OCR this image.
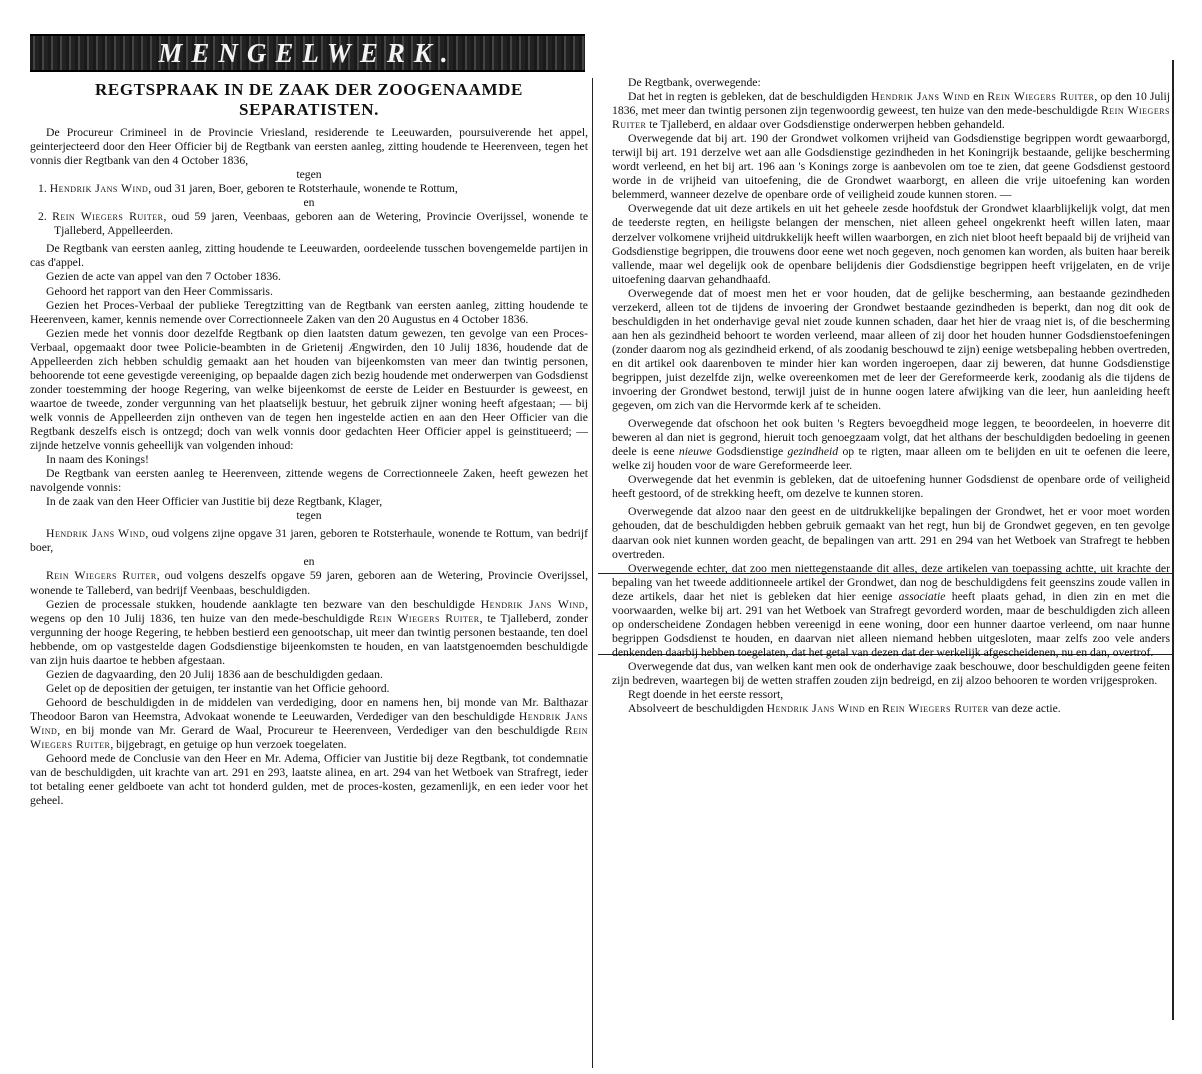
MENGELWERK.
REGTSPRAAK IN DE ZAAK DER ZOOGENAAMDE
SEPARATISTEN.

De Procureur Crimineel in de Provincie Vriesland, residerende te Leeuwarden, poursuiverende het appel, geinterjecteerd door den Heer Officier bij de Regtbank van eersten aanleg, zitting houdende te Heerenveen, tegen het vonnis dier Regtbank van den 4 October 1836,

tegen

1. Hendrik Jans Wind, oud 31 jaren, Boer, geboren te Rotsterhaule, wonende te Rottum,

en

2. Rein Wiegers Ruiter, oud 59 jaren, Veenbaas, geboren aan de Wetering, Provincie Overijssel, wonende te Tjalleberd, Appelleerden.

De Regtbank van eersten aanleg, zitting houdende te Leeuwarden, oordeelende tusschen bovengemelde partijen in cas d'appel.

Gezien de acte van appel van den 7 October 1836.

Gehoord het rapport van den Heer Commissaris.

Gezien het Proces-Verbaal der publieke Teregtzitting van de Regtbank van eersten aanleg, zitting houdende te Heerenveen, kamer, kennis nemende over Correctionneele Zaken van den 20 Augustus en 4 October 1836.

Gezien mede het vonnis door dezelfde Regtbank op dien laatsten datum gewezen, ten gevolge van een Proces-Verbaal, opgemaakt door twee Policie-beambten in de Grietenij Ængwirden, den 10 Julij 1836, houdende dat de Appelleerden zich hebben schuldig gemaakt aan het houden van bijeenkomsten van meer dan twintig personen, behoorende tot eene gevestigde vereeniging, op bepaalde dagen zich bezig houdende met onderwerpen van Godsdienst zonder toestemming der hooge Regering, van welke bijeenkomst de eerste de Leider en Bestuurder is geweest, en waartoe de tweede, zonder vergunning van het plaatselijk bestuur, het gebruik zijner woning heeft afgestaan; — bij welk vonnis de Appelleerden zijn ontheven van de tegen hen ingestelde actien en aan den Heer Officier van die Regtbank deszelfs eisch is ontzegd; doch van welk vonnis door gedachten Heer Officier appel is geinstitueerd; — zijnde hetzelve vonnis geheellijk van volgenden inhoud:

In naam des Konings!

De Regtbank van eersten aanleg te Heerenveen, zittende wegens de Correctionneele Zaken, heeft gewezen het navolgende vonnis:

In de zaak van den Heer Officier van Justitie bij deze Regtbank, Klager,

tegen

Hendrik Jans Wind, oud volgens zijne opgave 31 jaren, geboren te Rotsterhaule, wonende te Rottum, van bedrijf boer,

en

Rein Wiegers Ruiter, oud volgens deszelfs opgave 59 jaren, geboren aan de Wetering, Provincie Overijssel, wonende te Talleberd, van bedrijf Veenbaas, beschuldigden.

Gezien de processale stukken, houdende aanklagte ten bezware van den beschuldigde Hendrik Jans Wind, wegens op den 10 Julij 1836, ten huize van den mede-beschuldigde Rein Wiegers Ruiter, te Tjalleberd, zonder vergunning der hooge Regering, te hebben bestierd een genootschap, uit meer dan twintig personen bestaande, ten doel hebbende, om op vastgestelde dagen Godsdienstige bijeenkomsten te houden, en van laatstgenoemden beschuldigde van zijn huis daartoe te hebben afgestaan.

Gezien de dagvaarding, den 20 Julij 1836 aan de beschuldigden gedaan.

Gelet op de depositien der getuigen, ter instantie van het Officie gehoord.

Gehoord de beschuldigden in de middelen van verdediging, door en namens hen, bij monde van Mr. Balthazar Theodoor Baron van Heemstra, Advokaat wonende te Leeuwarden, Verdediger van den beschuldigde Hendrik Jans Wind, en bij monde van Mr. Gerard de Waal, Procureur te Heerenveen, Verdediger van den beschuldigde Rein Wiegers Ruiter, bijgebragt, en getuige op hun verzoek toegelaten.

Gehoord mede de Conclusie van den Heer en Mr. Adema, Officier van Justitie bij deze Regtbank, tot condemnatie van de beschuldigden, uit krachte van art. 291 en 293, laatste alinea, en art. 294 van het Wetboek van Strafregt, ieder tot betaling eener geldboete van acht tot honderd gulden, met de proces-kosten, gezamenlijk, en een ieder voor het geheel.

De Regtbank, overwegende:

Dat het in regten is gebleken, dat de beschuldigden Hendrik Jans Wind en Rein Wiegers Ruiter, op den 10 Julij 1836, met meer dan twintig personen zijn tegenwoordig geweest, ten huize van den mede-beschuldigde Rein Wiegers Ruiter te Tjalleberd, en aldaar over Godsdienstige onderwerpen hebben gehandeld.

Overwegende dat bij art. 190 der Grondwet volkomen vrijheid van Godsdienstige begrippen wordt gewaarborgd, terwijl bij art. 191 derzelve wet aan alle Godsdienstige gezindheden in het Koningrijk bestaande, gelijke bescherming wordt verleend, en het bij art. 196 aan 's Konings zorge is aanbevolen om toe te zien, dat geene Godsdienst gestoord worde in de vrijheid van uitoefening, die de Grondwet waarborgt, en alleen die vrije uitoefening kan worden belemmerd, wanneer dezelve de openbare orde of veiligheid zoude kunnen storen. —

Overwegende dat uit deze artikels en uit het geheele zesde hoofdstuk der Grondwet klaarblijkelijk volgt, dat men de teederste regten, en heiligste belangen der menschen, niet alleen geheel ongekrenkt heeft willen laten, maar derzelver volkomene vrijheid uitdrukkelijk heeft willen waarborgen, en zich niet bloot heeft bepaald bij de vrijheid van Godsdienstige begrippen, die trouwens door eene wet noch gegeven, noch genomen kan worden, als buiten haar bereik vallende, maar wel degelijk ook de openbare belijdenis dier Godsdienstige begrippen heeft vrijgelaten, en de vrije uitoefening daarvan gehandhaafd.

Overwegende dat of moest men het er voor houden, dat de gelijke bescherming, aan bestaande gezindheden verzekerd, alleen tot de tijdens de invoering der Grondwet bestaande gezindheden is beperkt, dan nog dit ook de beschuldigden in het onderhavige geval niet zoude kunnen schaden, daar het hier de vraag niet is, of die bescherming aan hen als gezindheid behoort te worden verleend, maar alleen of zij door het houden hunner Godsdienstoefeningen (zonder daarom nog als gezindheid erkend, of als zoodanig beschouwd te zijn) eenige wetsbepaling hebben overtreden, en dit artikel ook daarenboven te minder hier kan worden ingeroepen, daar zij beweren, dat hunne Godsdienstige begrippen, juist dezelfde zijn, welke overeenkomen met de leer der Gereformeerde kerk, zoodanig als die tijdens de invoering der Grondwet bestond, terwijl juist de in hunne oogen latere afwijking van die leer, hun aanleiding heeft gegeven, om zich van die Hervormde kerk af te scheiden.

Overwegende dat ofschoon het ook buiten 's Regters bevoegdheid moge leggen, te beoordeelen, in hoeverre dit beweren al dan niet is gegrond, hieruit toch genoegzaam volgt, dat het althans der beschuldigden bedoeling in geenen deele is eene nieuwe Godsdienstige gezindheid op te rigten, maar alleen om te belijden en uit te oefenen die leere, welke zij houden voor de ware Gereformeerde leer.

Overwegende dat het evenmin is gebleken, dat de uitoefening hunner Godsdienst de openbare orde of veiligheid heeft gestoord, of de strekking heeft, om dezelve te kunnen storen.

Overwegende dat alzoo naar den geest en de uitdrukkelijke bepalingen der Grondwet, het er voor moet worden gehouden, dat de beschuldigden hebben gebruik gemaakt van het regt, hun bij de Grondwet gegeven, en ten gevolge daarvan ook niet kunnen worden geacht, de bepalingen van artt. 291 en 294 van het Wetboek van Strafregt te hebben overtreden.

Overwegende echter, dat zoo men niettegenstaande dit alles, deze artikelen van toepassing achtte, uit krachte der bepaling van het tweede additionneele artikel der Grondwet, dan nog de beschuldigdens feit geenszins zoude vallen in deze artikels, daar het niet is gebleken dat hier eenige associatie heeft plaats gehad, in dien zin en met die voorwaarden, welke bij art. 291 van het Wetboek van Strafregt gevorderd worden, maar de beschuldigden zich alleen op onderscheidene Zondagen hebben vereenigd in eene woning, door een hunner daartoe verleend, om naar hunne begrippen Godsdienst te houden, en daarvan niet alleen niemand hebben uitgesloten, maar zelfs zoo vele anders denkenden daarbij hebben toegelaten, dat het getal van dezen dat der werkelijk afgescheidenen, nu en dan, overtrof.

Overwegende dat dus, van welken kant men ook de onderhavige zaak beschouwe, door beschuldigden geene feiten zijn bedreven, waartegen bij de wetten straffen zouden zijn bedreigd, en zij alzoo behooren te worden vrijgesproken.

Regt doende in het eerste ressort,

Absolveert de beschuldigden Hendrik Jans Wind en Rein Wiegers Ruiter van deze actie.
